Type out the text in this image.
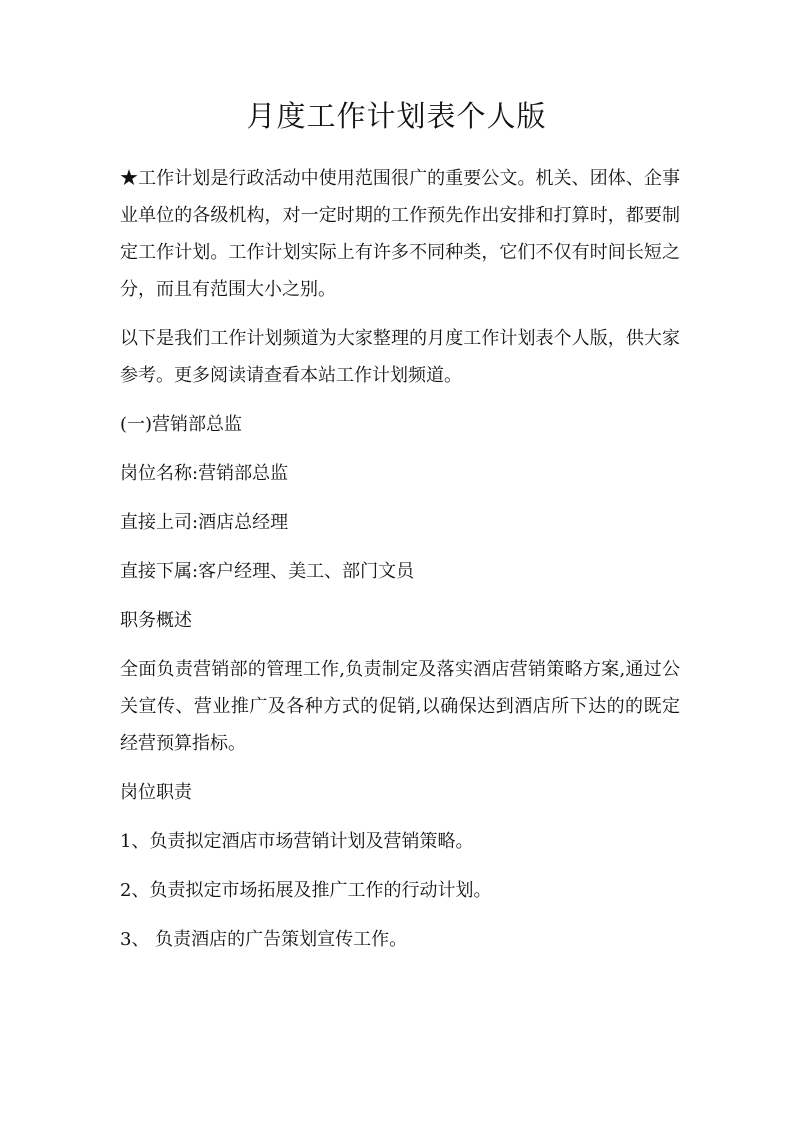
月度工作计划表个人版

★工作计划是行政活动中使用范围很广的重要公文。机关、团体、企事业单位的各级机构，对一定时期的工作预先作出安排和打算时，都要制定工作计划。工作计划实际上有许多不同种类，它们不仅有时间长短之分，而且有范围大小之别。

以下是我们工作计划频道为大家整理的月度工作计划表个人版，供大家参考。更多阅读请查看本站工作计划频道。

(一)营销部总监

岗位名称:营销部总监

直接上司:酒店总经理

直接下属:客户经理、美工、部门文员

职务概述

全面负责营销部的管理工作,负责制定及落实酒店营销策略方案,通过公关宣传、营业推广及各种方式的促销,以确保达到酒店所下达的的既定经营预算指标。

岗位职责

1、负责拟定酒店市场营销计划及营销策略。

2、负责拟定市场拓展及推广工作的行动计划。

3、 负责酒店的广告策划宣传工作。
